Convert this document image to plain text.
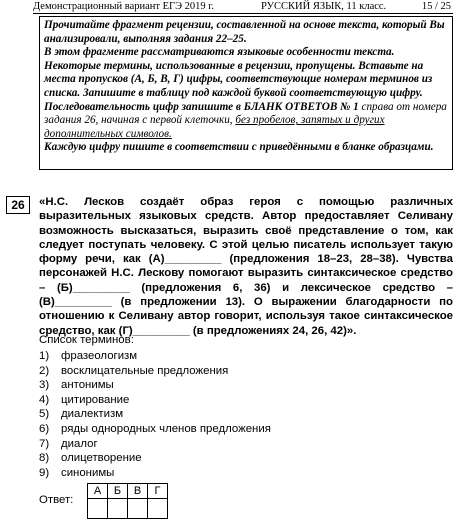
Демонстрационный вариант ЕГЭ 2019 г.	РУССКИЙ ЯЗЫК, 11 класс.	15 / 25

Прочитайте фрагмент рецензии, составленной на основе текста, который Вы анализировали, выполняя задания 22–25.

В этом фрагменте рассматриваются языковые особенности текста. Некоторые термины, использованные в рецензии, пропущены. Вставьте на места пропусков (А, Б, В, Г) цифры, соответствующие номерам терминов из списка. Запишите в таблицу под каждой буквой соответствующую цифру.

Последовательность цифр запишите в БЛАНК ОТВЕТОВ № 1 справа от номера задания 26, начиная с первой клеточки, без пробелов, запятых и других дополнительных символов.

Каждую цифру пишите в соответствии с приведёнными в бланке образцами.

26	«Н.С. Лесков создаёт образ героя с помощью различных выразительных языковых средств. Автор предоставляет Селивану возможность высказаться, выразить своё представление о том, как следует поступать человеку. С этой целью писатель использует такую форму речи, как (А)_________ (предложения 18–23, 28–38). Чувства персонажей Н.С. Лескову помогают выразить синтаксическое средство – (Б)_________ (предложения 6, 36) и лексическое средство – (В)_________ (в предложении 13). О выражении благодарности по отношению к Селивану автор говорит, используя такое синтаксическое средство, как (Г)_________ (в предложениях 24, 26, 42)».

Список терминов:
1)	фразеологизм
2)	восклицательные предложения
3)	антонимы
4)	цитирование
5)	диалектизм
6)	ряды однородных членов предложения
7)	диалог
8)	олицетворение
9)	синонимы
Ответ:
А	Б	В	Г
